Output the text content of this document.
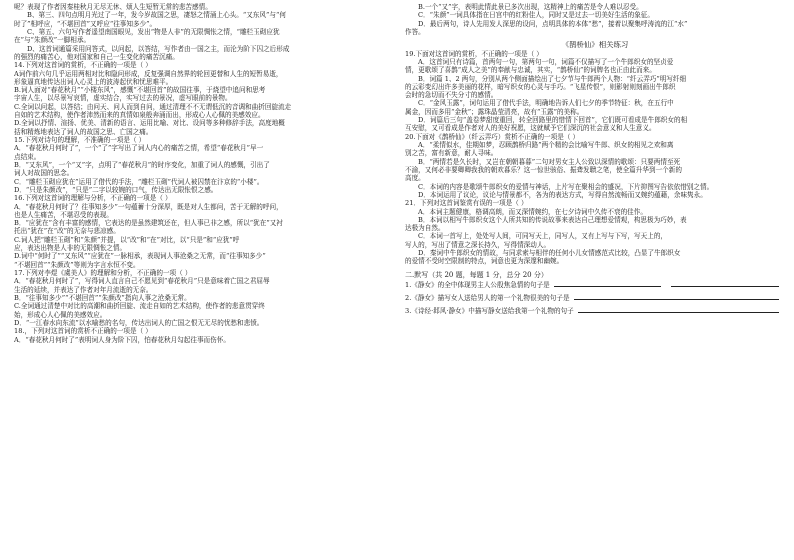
呢？表现了作者因秦桂秋月无尽无休、烦人生短暂无常的悲苦感情。
B、第三、四句点明月光过了一年，发今岁故国之思，凄怒之情涌上心头。“又东风”与“何
时了”相呼应，“不堪回首”又呼应“往事知多少”。
C、第五、六句写作者遥望南国眼见，发出“物是人非”的无限惆怅之情，“雕栏玉砌应犹
在”与“朱颜改”一脚相承。
D、这首词通篇采用问答式，以问起，以答结，写作者由一国之主，而沦为阶下囚之后形成
的强烈的痛苦心，他对国家和自己一生变化的痛苦沉痛。
14.下列对这首词的赏析，不正确的一项是（ ）
A词作前六句几乎运用两相对比和隐问形成，反复强调自然界的轮回更替和人生的短暂易逝，
形象逼真地传达出词人心灵上的波涛起伏和忧思难平。
B.词人面对“春花秋月”“小楼东风”，感慨“不堪回首”的故国往事，于烧望中追问和思考
宇宙人生，以尽景写哀情，虚实结合，实写过去的景况，虚写眼前的景物。
C.全词以问起，以答结；由问天、问人而到自问，通过清理不不无谓低沉的音调和曲折回旋流走
自如的艺术结构，使作者沛然而来的真情如泉般奔涌而出，形成心人心佩的美感效应。
D.全词以抒情、渲扬、优美、清新的语言、运用比喻、对比、设问等多种修辞手法，高度地概
括和精炼地表达了词人的故国之思、亡国之痛。
15.下列对诗句的理解，不准确的一项是（ ）
A．“春花秋月何时了”，一个“了”字写出了词人内心的痛苦之情，希望“春花秋月”早一
点结束。
B．“又东风”，一个“又”字，点明了“春花秋月”的时序变化，加重了词人的感慨，引出了
词人对故国的思念。
C．“雕栏玉砌应犹在”运用了借代的手法，“雕栏玉砌”代词人被囚禁在汴京的“小楼”。
D．“只是朱颜改”，“只是”二字以较婉的口气，传达出无限怅恨之感。
16.下列对这首词的理解与分析，不正确的一项是（ ）
A．“春花秋月何时了？往事知多少”一句蕴蓄十分深厚，既是对人生都问，苦于无解的呼问，
也是人生痛苦，不堪忍受的表现。
B．“应犹在”含有丰富的感情，它表达的是虽然建筑还在，但人事已非之感，所以“犹在”又衬
托出“犹在”在“改”的无奈与悲凉感。
C.词人把“雕栏玉砌”和“朱颜”并提，以“改”和“在”对比，以“只是”和“应犹”呼
应，表达出物是人非的无限惆怅之情。
D.词中“何时了”“又东风”“应犹在”一脉相承，表现词人事沧桑之无常，而“往事知多少”
“不堪回首”“朱颜改”等则为字言水恒不变。
17.下列对李煜《虞美人》的理解和分析，不正确的一项（ ）
A．“春花秋月何时了”，写得词人直言自己不愿见到“春花秋月”只是意味着亡国之君屈辱
生活的延续，并表达了作者对年月流逝的无奈。
B．“往事知多少”“不堪回首”“朱颜改”指向人事之沧桑无常。
C.全词通过清楚中对比的高潮和曲折回旋、流走自如的艺术结构，使作者的悲意贯穿终
始，形成心人心佩的美感效应。
D．“一江春水向东流”以水喻愁的名句，传达出词人的亡国之恨无无尽的忧愁和悲愤。
18.，下列对这首词的赏析不正确的一项是（ ）
A．“春花秋月何时了”表明词人身为阶下囚，怕春花秋月勾起往事而伤怀。
B.一个“又”字，表明此情此景已多次出现，这精神上的痛苦是令人难以忍受。
C．“朱颜”一词具体指在日宫中的红粉佳人，同时又是过去一切美好生活的象征。
D．最后两句，诗人先用发人深思的设问，点明具体的本体“愁”，接着以聚集呼涛流的江“水”
作答。
《鹊桥仙》相关练习
19.下面对这首词的赏析，不正确的一项是（ ）
A．这首词只有诗篇，首两句一句，第两句一句，词篇不仅描写了一个牛郎织女的坚贞爱
情，更歌颂了喜鹊“成人之美”的奉献与忠诚，其实，“鹊桥仙”的词牌名也正由此而来。
B．词篇 1、2 两句，分别从两个侧面描绘出了七夕节与牛郎两个人物：“纤云弄巧”明写纤细
的云彩变幻出许多美丽的花样，暗写织女的心灵与手巧。“飞星传恨”，则影射则刻画出牛郎织
会时的急切而不失分寸的感情。
C．“金风玉露”，词句运用了借代手法，明确地告诉人们七夕的季节特征：秋，在五行中
属金，因而多用“金秋”；露珠晶莹清亮，故有“玉露”的美称。
D．词篇后三句“盖卷梦甜度重回，转全回路里的惜情下回首”，它们既可看成是牛郎织女的相
互安慰，又可看成是作者对人的美好祝愿，这就赋予它们深沉的社会意义和人生意义。
20.下面对《鹊桥仙》（纤云弄巧）赏析不正确的一项是（ ）
A．“柔情似水，佳期如梦，忍顾鹊桥归路”两个精的会比喻写牛郎、织女的相见之欢和离
别之苦，富有新意，耐人寻味。
B．“两情若是久长时，又岂在朝朝暮暮”二句对男女主人公致以深情的歌颂：只要两情至死
不渝，又何必非要卿卿我我的朝欢暮乐？这一惊世骇俗、振聋发聩之笔，使全篇升华到一个新的
高度。
C．本词的内容是歌颂牛郎织女的爱情与神话，上片写在聚相会的盛况，下片抑图写告依依惜别之情。
D．本词运用了议论，议论与情景都不，各为的表达方式，写得自然流畅而又婉约蕴藉，余味隽永。
21．下列对这首词鉴赏有误的一项是（ ）
A．本词主题健康，格调高朗，而又深情婉约，在七夕诗词中久传不衰的佳作。
B．本词以相写牛郎织女这个人所共知的传说故事来表达自己理想爱情观，构思极为巧妙，表
达极为自然。
C．本词一首写上，处处写人间，可同写天上，同写人，又有上写与下写，写天上的，
写人的，写出了情意之深长持久，写得情深动人。
D．秦词中牛郎织女的情故，与同求索与相伴的任何小儿女情感范式比较，凸显了牛郎织女
的爱情不受时空限制的特点，词意也更为深邃和幽婉。
二.默写（共 20 题，每题 1 分，总分 20 分）
1.《静女》的全中体现男主人公殷焦急情的句子是
2.《静女》描写女人送给男人的第一个礼物很美的句子是
3.《诗经·邶风·静女》中描写静女送给我第一个礼物的句子
